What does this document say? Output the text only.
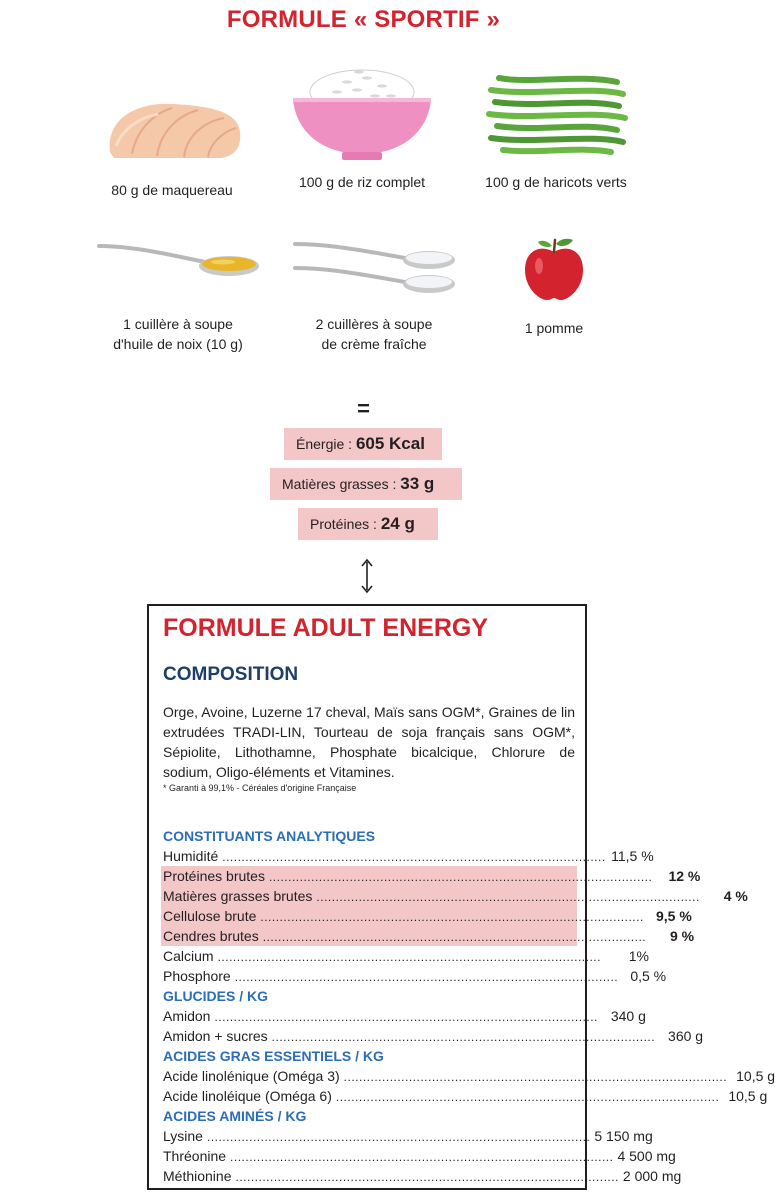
FORMULE « SPORTIF »
80 g de maquereau	100 g de riz complet	100 g de haricots verts
1 cuillère à soupe
d'huile de noix (10 g)
2 cuillères à soupe
de crème fraîche
1 pomme
=
Énergie : 605 Kcal
Matières grasses : 33 g
Protéines : 24 g
FORMULE ADULT ENERGY
COMPOSITION
Orge, Avoine, Luzerne 17 cheval, Maïs sans OGM*, Graines de lin extrudées TRADI-LIN, Tourteau de soja français sans OGM*, Sépiolite, Lithothamne, Phosphate bicalcique, Chlorure de sodium, Oligo-éléments et Vitamines.
* Garanti à 99,1% - Céréales d'origine Française
CONSTITUANTS ANALYTIQUES
Humidité .................................................................................................... 11,5 %
Protéines brutes ....................................................................................................	12 %
Matières grasses brutes ....................................................................................................	4 %
Cellulose brute .................................................................................................... 9,5 %
Cendres brutes ....................................................................................................	9 %
Calcium ....................................................................................................	1%
Phosphore .................................................................................................... 0,5 %
GLUCIDES / KG
Amidon .................................................................................................... 340 g
Amidon + sucres .................................................................................................... 360 g
ACIDES GRAS ESSENTIELS / KG
Acide linolénique (Oméga 3) .................................................................................................... 10,5 g
Acide linoléique (Oméga 6) .................................................................................................... 10,5 g
ACIDES AMINÉS / KG
Lysine .................................................................................................... 5 150 mg
Thréonine .................................................................................................... 4 500 mg
Méthionine .................................................................................................... 2 000 mg
